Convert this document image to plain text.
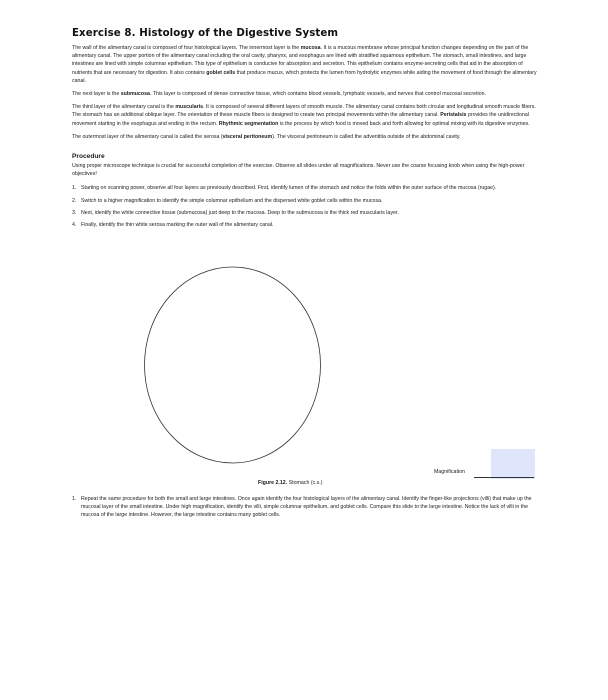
Exercise 8. Histology of the Digestive System

The wall of the alimentary canal is composed of four histological layers. The innermost layer is the mucosa. It is a mucous membrane whose principal function changes depending on the part of the alimentary canal. The upper portion of the alimentary canal including the oral cavity, pharynx, and esophagus are lined with stratified squamous epithelium. The stomach, small intestines, and large intestines are lined with simple columnar epithelium. This type of epithelium is conducive for absorption and secretion. This epithelium contains enzyme-secreting cells that aid in the absorption of nutrients that are necessary for digestion. It also contains goblet cells that produce mucus, which protects the lumen from hydrolytic enzymes while aiding the movement of food through the alimentary canal.

The next layer is the submucosa. This layer is composed of dense connective tissue, which contains blood vessels, lymphatic vessels, and nerves that control mucosal secretion.

The third layer of the alimentary canal is the muscularis. It is composed of several different layers of smooth muscle. The alimentary canal contains both circular and longitudinal smooth muscle fibers. The stomach has an additional oblique layer. The orientation of these muscle fibers is designed to create two principal movements within the alimentary canal. Peristalsis provides the unidirectional movement starting in the esophagus and ending in the rectum. Rhythmic segmentation is the process by which food is moved back and forth allowing for optimal mixing with its digestive enzymes.

The outermost layer of the alimentary canal is called the serosa (visceral peritoneum). The visceral peritoneum is called the adventitia outside of the abdominal cavity.

Procedure

Using proper microscope technique is crucial for successful completion of the exercise. Observe all slides under all magnifications. Never use the coarse focusing knob when using the high-power objectives!

1. Starting on scanning power, observe all four layers as previously described. First, identify lumen of the stomach and notice the folds within the outer surface of the mucosa (rugae).
2. Switch to a higher magnification to identify the simple columnar epithelium and the dispersed white goblet cells within the mucosa.
3. Next, identify the white connective tissue (submucosa) just deep to the mucosa. Deep to the submucosa is the thick red muscularis layer.
4. Finally, identify the thin white serosa marking the outer wall of the alimentary canal.
Magnification
Figure 2.12. Stomach (c.s.)
1. Repeat the same procedure for both the small and large intestines. Once again identify the four histological layers of the alimentary canal. Identify the finger-like projections (villi) that make up the mucosal layer of the small intestine. Under high magnification, identify the villi, simple columnar epithelium, and goblet cells. Compare this slide to the large intestine. Notice the lack of villi in the mucosa of the large intestine. However, the large intestine contains many goblet cells.
